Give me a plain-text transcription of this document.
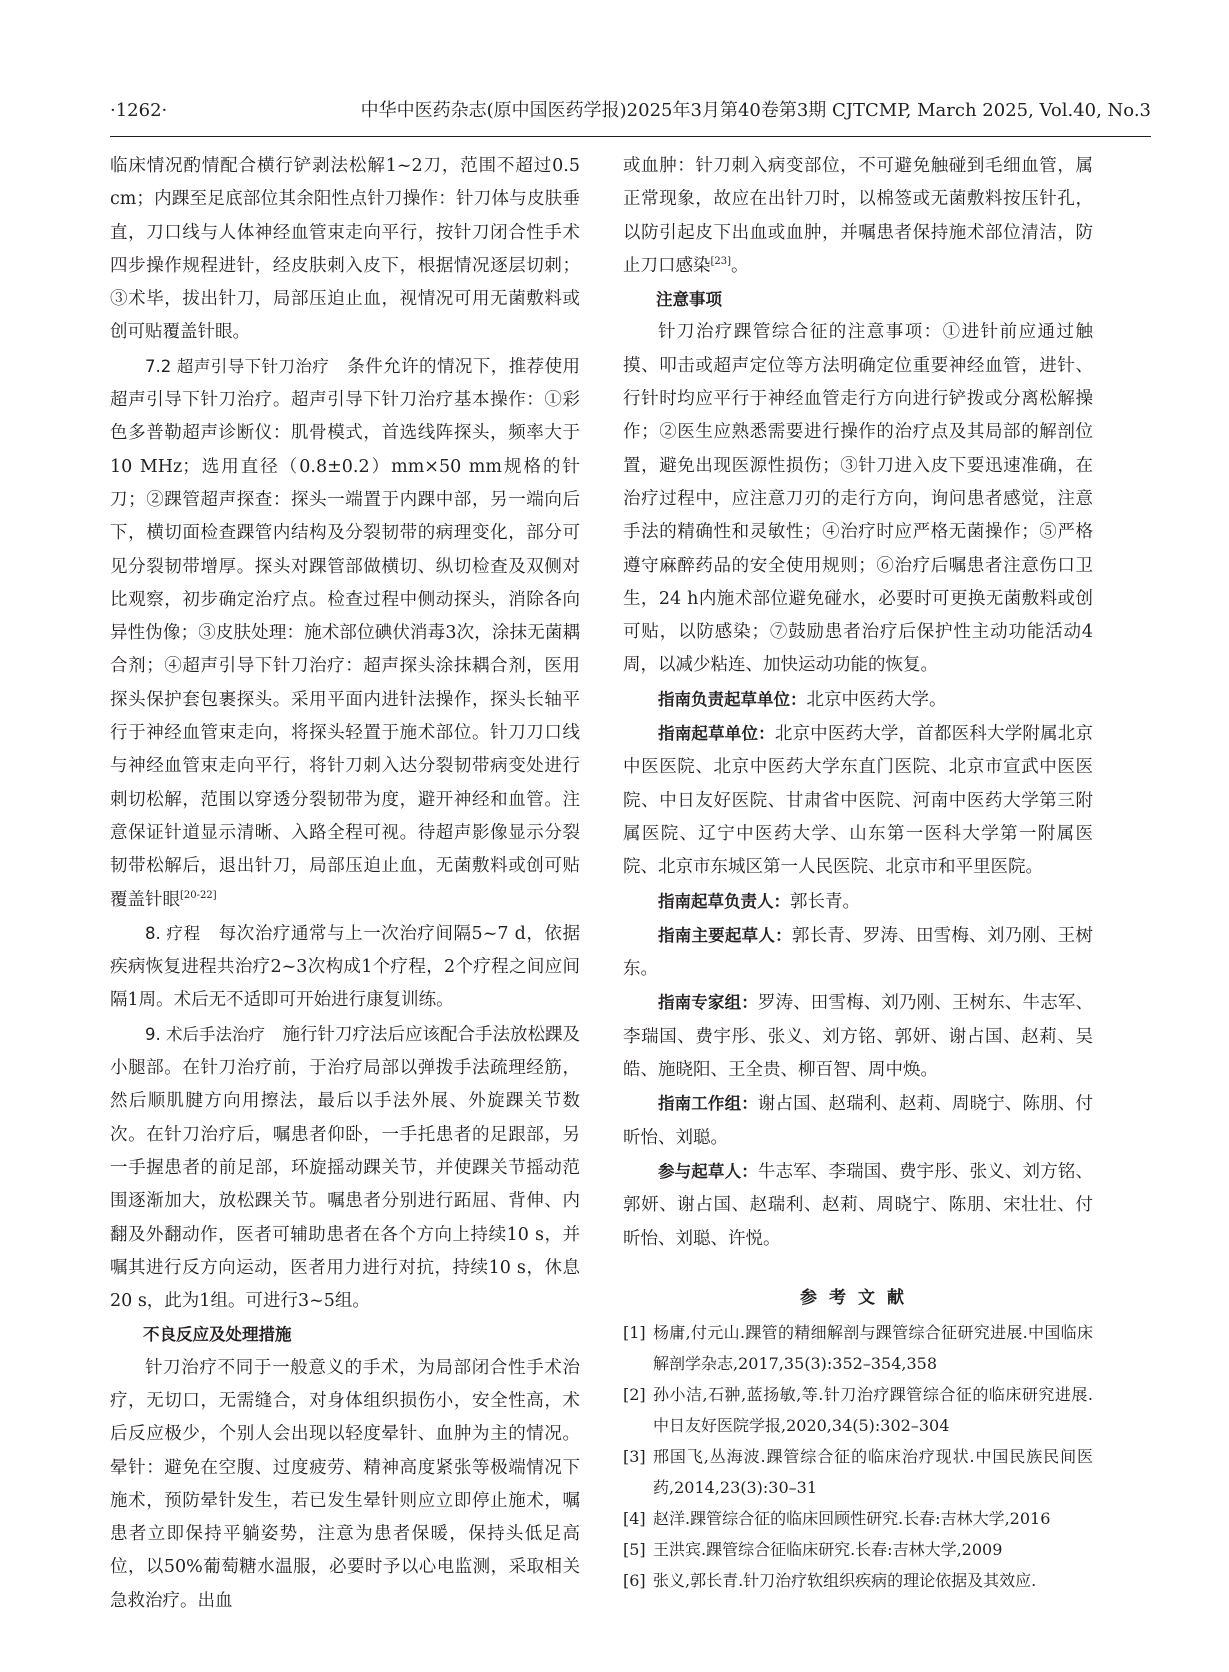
·1262·	中华中医药杂志(原中国医药学报)2025年3月第40卷第3期 CJTCMP, March 2025, Vol.40, No.3

临床情况酌情配合横行铲剥法松解1~2刀，范围不超过0.5 cm；内踝至足底部位其余阳性点针刀操作：针刀体与皮肤垂直，刀口线与人体神经血管束走向平行，按针刀闭合性手术四步操作规程进针，经皮肤刺入皮下，根据情况逐层切刺；③术毕，拔出针刀，局部压迫止血，视情况可用无菌敷料或创可贴覆盖针眼。

7.2 超声引导下针刀治疗　 条件允许的情况下，推荐使用超声引导下针刀治疗。超声引导下针刀治疗基本操作：①彩色多普勒超声诊断仪：肌骨模式，首选线阵探头，频率大于10 MHz；选用直径（0.8±0.2）mm×50 mm规格的针刀；②踝管超声探查：探头一端置于内踝中部，另一端向后下，横切面检查踝管内结构及分裂韧带的病理变化，部分可见分裂韧带增厚。探头对踝管部做横切、纵切检查及双侧对比观察，初步确定治疗点。检查过程中侧动探头，消除各向异性伪像；③皮肤处理：施术部位碘伏消毒3次，涂抹无菌耦合剂；④超声引导下针刀治疗：超声探头涂抹耦合剂，医用探头保护套包裹探头。采用平面内进针法操作，探头长轴平行于神经血管束走向，将探头轻置于施术部位。针刀刀口线与神经血管束走向平行，将针刀刺入达分裂韧带病变处进行刺切松解，范围以穿透分裂韧带为度，避开神经和血管。注意保证针道显示清晰、入路全程可视。待超声影像显示分裂韧带松解后，退出针刀，局部压迫止血，无菌敷料或创可贴覆盖针眼[20-22]

8. 疗程　 每次治疗通常与上一次治疗间隔5~7 d，依据疾病恢复进程共治疗2~3次构成1个疗程，2个疗程之间应间隔1周。术后无不适即可开始进行康复训练。

9. 术后手法治疗　 施行针刀疗法后应该配合手法放松踝及小腿部。在针刀治疗前，于治疗局部以弹拨手法疏理经筋，然后顺肌腱方向用擦法，最后以手法外展、外旋踝关节数次。在针刀治疗后，嘱患者仰卧，一手托患者的足跟部，另一手握患者的前足部，环旋摇动踝关节，并使踝关节摇动范围逐渐加大，放松踝关节。嘱患者分别进行跖屈、背伸、内翻及外翻动作，医者可辅助患者在各个方向上持续10 s，并嘱其进行反方向运动，医者用力进行对抗，持续10 s，休息20 s，此为1组。可进行3~5组。

不良反应及处理措施

针刀治疗不同于一般意义的手术，为局部闭合性手术治疗，无切口，无需缝合，对身体组织损伤小，安全性高，术后反应极少，个别人会出现以轻度晕针、血肿为主的情况。晕针：避免在空腹、过度疲劳、精神高度紧张等极端情况下施术，预防晕针发生，若已发生晕针则应立即停止施术，嘱患者立即保持平躺姿势，注意为患者保暖，保持头低足高位，以50%葡萄糖水温服，必要时予以心电监测，采取相关急救治疗。出血

或血肿：针刀刺入病变部位，不可避免触碰到毛细血管，属正常现象，故应在出针刀时，以棉签或无菌敷料按压针孔，以防引起皮下出血或血肿，并嘱患者保持施术部位清洁，防止刀口感染[23]。

注意事项

针刀治疗踝管综合征的注意事项：①进针前应通过触摸、叩击或超声定位等方法明确定位重要神经血管，进针、行针时均应平行于神经血管走行方向进行铲拨或分离松解操作；②医生应熟悉需要进行操作的治疗点及其局部的解剖位置，避免出现医源性损伤；③针刀进入皮下要迅速准确，在治疗过程中，应注意刀刃的走行方向，询问患者感觉，注意手法的精确性和灵敏性；④治疗时应严格无菌操作；⑤严格遵守麻醉药品的安全使用规则；⑥治疗后嘱患者注意伤口卫生，24 h内施术部位避免碰水，必要时可更换无菌敷料或创可贴，以防感染；⑦鼓励患者治疗后保护性主动功能活动4周，以减少粘连、加快运动功能的恢复。

指南负责起草单位：北京中医药大学。

指南起草单位：北京中医药大学，首都医科大学附属北京中医医院、北京中医药大学东直门医院、北京市宣武中医医院、中日友好医院、甘肃省中医院、河南中医药大学第三附属医院、辽宁中医药大学、山东第一医科大学第一附属医院、北京市东城区第一人民医院、北京市和平里医院。

指南起草负责人：郭长青。

指南主要起草人：郭长青、罗涛、田雪梅、刘乃刚、王树东。

指南专家组：罗涛、田雪梅、刘乃刚、王树东、牛志军、李瑞国、费宇彤、张义、刘方铭、郭妍、谢占国、赵莉、吴皓、施晓阳、王全贵、柳百智、周中焕。

指南工作组：谢占国、赵瑞利、赵莉、周晓宁、陈朋、付昕怡、刘聪。

参与起草人：牛志军、李瑞国、费宇彤、张义、刘方铭、郭妍、谢占国、赵瑞利、赵莉、周晓宁、陈朋、宋壮壮、付昕怡、刘聪、许悦。

参考文献
[1] 杨庸,付元山.踝管的精细解剖与踝管综合征研究进展.中国临床解剖学杂志,2017,35(3):352–354,358
[2] 孙小洁,石翀,蓝扬敏,等.针刀治疗踝管综合征的临床研究进展.中日友好医院学报,2020,34(5):302–304
[3] 邢国飞,丛海波.踝管综合征的临床治疗现状.中国民族民间医药,2014,23(3):30–31
[4] 赵洋.踝管综合征的临床回顾性研究.长春:吉林大学,2016
[5] 王洪宾.踝管综合征临床研究.长春:吉林大学,2009
[6] 张义,郭长青.针刀治疗软组织疾病的理论依据及其效应.
